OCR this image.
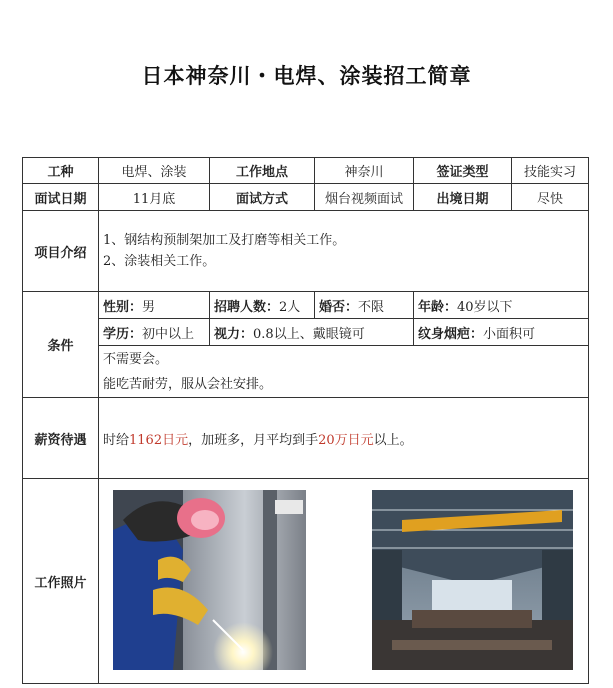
日本神奈川・电焊、涂装招工简章
工种	电焊、涂装	工作地点	神奈川	签证类型	技能实习
面试日期	11月底	面试方式	烟台视频面试	出境日期	尽快
项目介绍	1、钢结构预制架加工及打磨等相关工作。
2、涂装相关工作。				

条件	性别：男	招聘人数：2人	婚否：不限	年龄：40岁以下	
	学历：初中以上	视力：0.8以上、戴眼镜可		纹身烟疤：小面积可	

	不需要会。
能吃苦耐劳，服从会社安排。				

薪资待遇	时给1162日元，加班多，月平均到手20万日元以上。				
工作照片	
